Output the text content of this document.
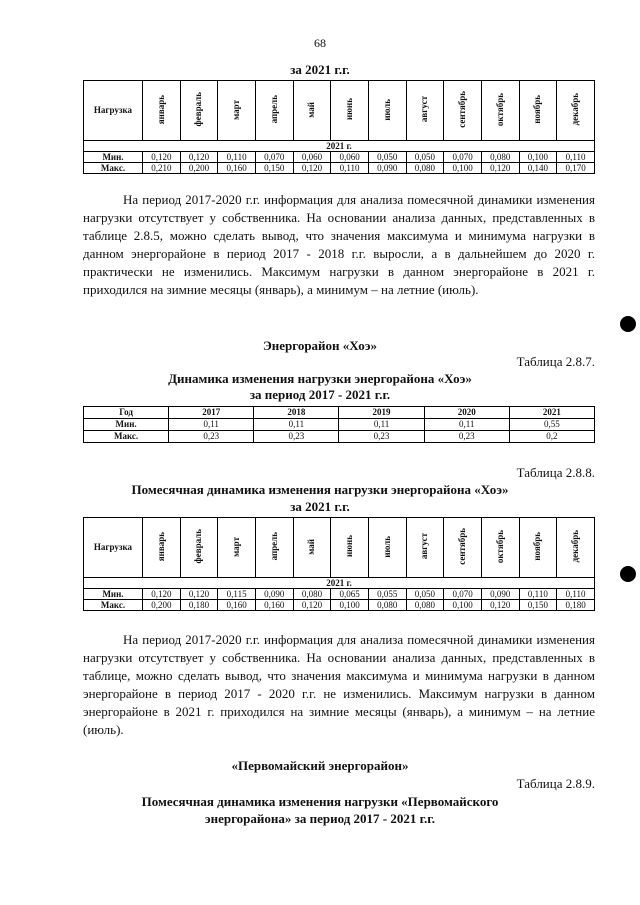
68
за 2021 г.г.
Нагрузка	январь	февраль	март	апрель	май	июнь	июль	август	сентябрь	октябрь	ноябрь	декабрь
2021 г.												
Мин.	0,120	0,120	0,110	0,070	0,060	0,060	0,050	0,050	0,070	0,080	0,100	0,110
Макс.	0,210	0,200	0,160	0,150	0,120	0,110	0,090	0,080	0,100	0,120	0,140	0,170

На период 2017-2020 г.г. информация для анализа помесячной динамики изменения нагрузки отсутствует у собственника. На основании анализа данных, представленных в таблице 2.8.5, можно сделать вывод, что значения максимума и минимума нагрузки в данном энергорайоне в период 2017 - 2018 г.г. выросли, а в дальнейшем до 2020 г. практически не изменились. Максимум нагрузки в данном энергорайоне в 2021 г. приходился на зимние месяцы (январь), а минимум – на летние (июль).

Энергорайон «Хоэ»
Таблица 2.8.7.
Динамика изменения нагрузки энергорайона «Хоэ»
за период 2017 - 2021 г.г.
Год	2017	2018	2019	2020	2021
Мин.	0,11	0,11	0,11	0,11	0,55
Макс.	0,23	0,23	0,23	0,23	0,2
Таблица 2.8.8.
Помесячная динамика изменения нагрузки энергорайона «Хоэ»
за 2021 г.г.
Нагрузка	январь	февраль	март	апрель	май	июнь	июль	август	сентябрь	октябрь	ноябрь	декабрь
2021 г.												
Мин.	0,120	0,120	0,115	0,090	0,080	0,065	0,055	0,050	0,070	0,090	0,110	0,110
Макс.	0,200	0,180	0,160	0,160	0,120	0,100	0,080	0,080	0,100	0,120	0,150	0,180

На период 2017-2020 г.г. информация для анализа помесячной динамики изменения нагрузки отсутствует у собственника. На основании анализа данных, представленных в таблице, можно сделать вывод, что значения максимума и минимума нагрузки в данном энергорайоне в период 2017 - 2020 г.г. не изменились. Максимум нагрузки в данном энергорайоне в 2021 г. приходился на зимние месяцы (январь), а минимум – на летние (июль).

«Первомайский энергорайон»
Таблица 2.8.9.
Помесячная динамика изменения нагрузки «Первомайского
энергорайона» за период 2017 - 2021 г.г.
